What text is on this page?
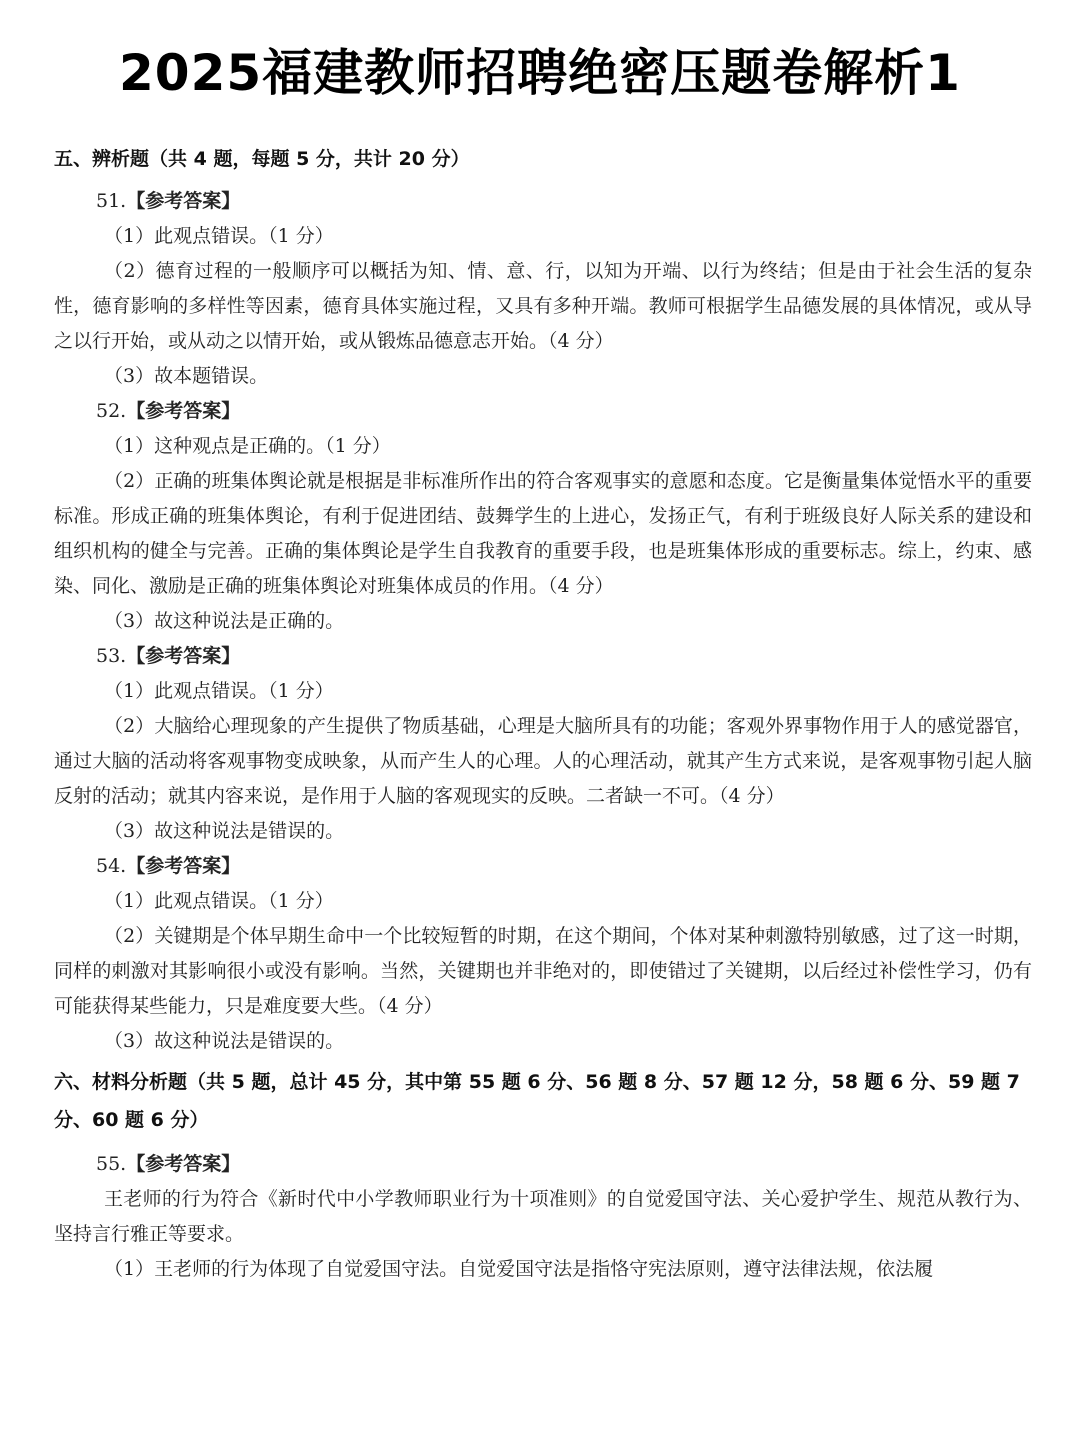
2025福建教师招聘绝密压题卷解析1
五、辨析题（共 4 题，每题 5 分，共计 20 分）
51.【参考答案】

（1）此观点错误。（1 分）

（2）德育过程的一般顺序可以概括为知、情、意、行，以知为开端、以行为终结；但是由于社会生活的复杂性，德育影响的多样性等因素，德育具体实施过程，又具有多种开端。教师可根据学生品德发展的具体情况，或从导之以行开始，或从动之以情开始，或从锻炼品德意志开始。（4 分）

（3）故本题错误。

52.【参考答案】

（1）这种观点是正确的。（1 分）

（2）正确的班集体舆论就是根据是非标准所作出的符合客观事实的意愿和态度。它是衡量集体觉悟水平的重要标准。形成正确的班集体舆论，有利于促进团结、鼓舞学生的上进心，发扬正气，有利于班级良好人际关系的建设和组织机构的健全与完善。正确的集体舆论是学生自我教育的重要手段，也是班集体形成的重要标志。综上，约束、感染、同化、激励是正确的班集体舆论对班集体成员的作用。（4 分）

（3）故这种说法是正确的。

53.【参考答案】

（1）此观点错误。（1 分）

（2）大脑给心理现象的产生提供了物质基础，心理是大脑所具有的功能；客观外界事物作用于人的感觉器官，通过大脑的活动将客观事物变成映象，从而产生人的心理。人的心理活动，就其产生方式来说，是客观事物引起人脑反射的活动；就其内容来说，是作用于人脑的客观现实的反映。二者缺一不可。（4 分）

（3）故这种说法是错误的。

54.【参考答案】

（1）此观点错误。（1 分）

（2）关键期是个体早期生命中一个比较短暂的时期，在这个期间，个体对某种刺激特别敏感，过了这一时期，同样的刺激对其影响很小或没有影响。当然，关键期也并非绝对的，即使错过了关键期，以后经过补偿性学习，仍有可能获得某些能力，只是难度要大些。（4 分）

（3）故这种说法是错误的。

六、材料分析题（共 5 题，总计 45 分，其中第 55 题 6 分、56 题 8 分、57 题 12 分，58 题 6 分、59 题 7 分、60 题 6 分）
55.【参考答案】

王老师的行为符合《新时代中小学教师职业行为十项准则》的自觉爱国守法、关心爱护学生、规范从教行为、坚持言行雅正等要求。

（1）王老师的行为体现了自觉爱国守法。自觉爱国守法是指恪守宪法原则，遵守法律法规，依法履
